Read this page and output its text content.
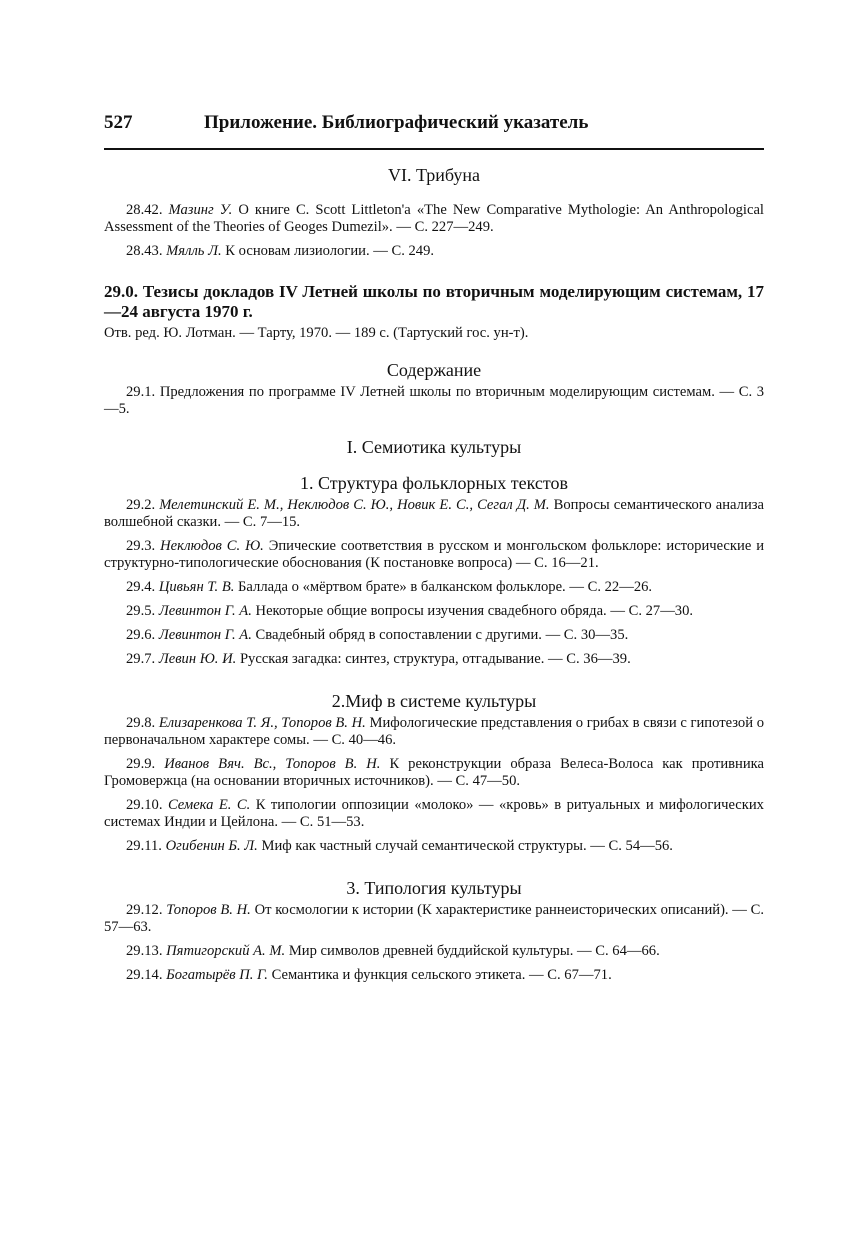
527	Приложение. Библиографический указатель
VI. Трибуна

28.42. Мазинг У. О книге C. Scott Littleton'a «The New Comparative Mythologie: An Anthropological Assessment of the Theories of Geoges Dumezil». — С. 227—249.

28.43. Мялль Л. К основам лизиологии. — С. 249.

29.0. Тезисы докладов IV Летней школы по вторичным моделирующим системам, 17—24 августа 1970 г.
Отв. ред. Ю. Лотман. — Тарту, 1970. — 189 с. (Тартуский гос. ун-т).
Содержание

29.1. Предложения по программе IV Летней школы по вторичным моделирующим системам. — С. 3—5.

I. Семиотика культуры
1. Структура фольклорных текстов

29.2. Мелетинский Е. М., Неклюдов С. Ю., Новик Е. С., Сегал Д. М. Вопросы семантического анализа волшебной сказки. — С. 7—15.

29.3. Неклюдов С. Ю. Эпические соответствия в русском и монгольском фольклоре: исторические и структурно-типологические обоснования (К постановке вопроса) — С. 16—21.

29.4. Цивьян Т. В. Баллада о «мёртвом брате» в балканском фольклоре. — С. 22—26.

29.5. Левинтон Г. А. Некоторые общие вопросы изучения свадебного обряда. — С. 27—30.

29.6. Левинтон Г. А. Свадебный обряд в сопоставлении с другими. — С. 30—35.

29.7. Левин Ю. И. Русская загадка: синтез, структура, отгадывание. — С. 36—39.

2.Миф в системе культуры

29.8. Елизаренкова Т. Я., Топоров В. Н. Мифологические представления о грибах в связи с гипотезой о первоначальном характере сомы. — С. 40—46.

29.9. Иванов Вяч. Вс., Топоров В. Н. К реконструкции образа Велеса-Волоса как противника Громовержца (на основании вторичных источников). — С. 47—50.

29.10. Семека Е. С. К типологии оппозиции «молоко» — «кровь» в ритуальных и мифологических системах Индии и Цейлона. — С. 51—53.

29.11. Огибенин Б. Л. Миф как частный случай семантической структуры. — С. 54—56.

3. Типология культуры

29.12. Топоров В. Н. От космологии к истории (К характеристике раннеисторических описаний). — С. 57—63.

29.13. Пятигорский А. М. Мир символов древней буддийской культуры. — С. 64—66.

29.14. Богатырёв П. Г. Семантика и функция сельского этикета. — С. 67—71.
